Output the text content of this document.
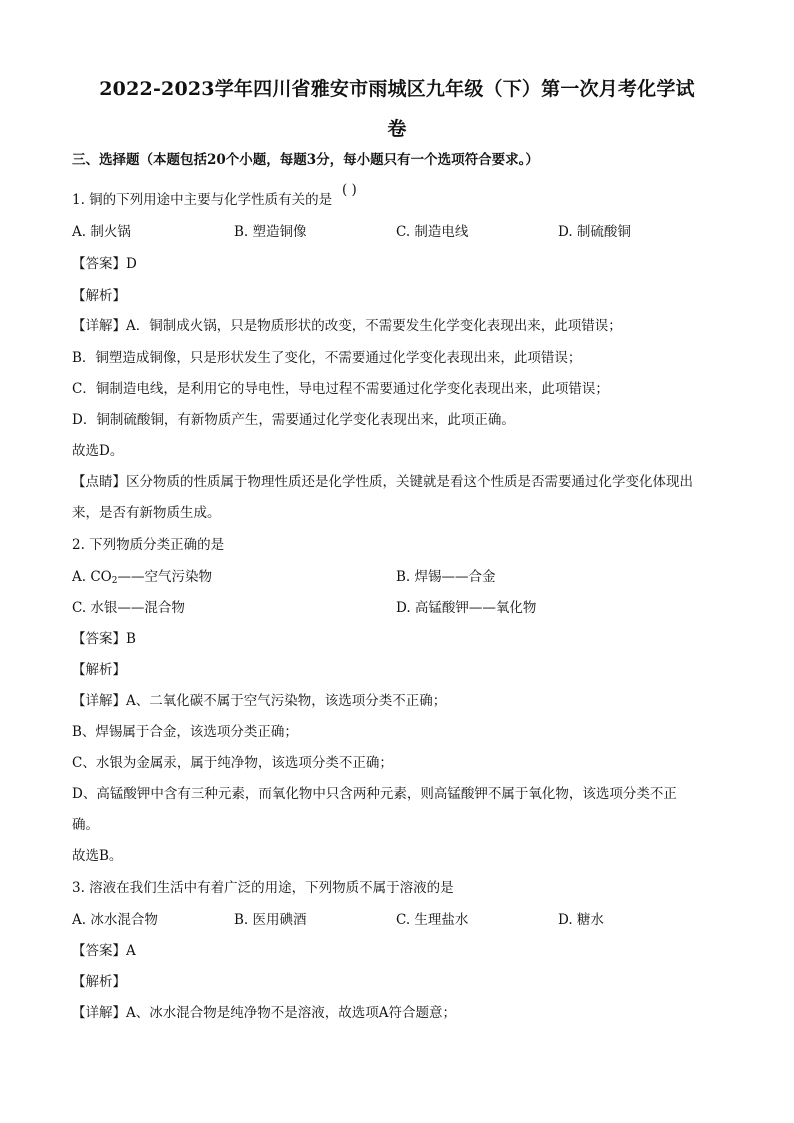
2022-2023学年四川省雅安市雨城区九年级（下）第一次月考化学试
卷
三、选择题（本题包括20个小题，每题3分，每小题只有一个选项符合要求。）
1. 铜的下列用途中主要与化学性质有关的是
( )
A. 制火锅	B. 塑造铜像	C. 制造电线	D. 制硫酸铜
【答案】D
【解析】
【详解】A．铜制成火锅，只是物质形状的改变，不需要发生化学变化表现出来，此项错误；
B．铜塑造成铜像，只是形状发生了变化，不需要通过化学变化表现出来，此项错误；
C．铜制造电线，是利用它的导电性，导电过程不需要通过化学变化表现出来，此项错误；
D．铜制硫酸铜，有新物质产生，需要通过化学变化表现出来，此项正确。
故选D。
【点睛】区分物质的性质属于物理性质还是化学性质，关键就是看这个性质是否需要通过化学变化体现出
来，是否有新物质生成。
2. 下列物质分类正确的是
A. $CO_2——$空气污染物	B. 焊锡——合金
C. 水银——混合物	D. 高锰酸钾——氧化物
【答案】B
【解析】
【详解】A、二氧化碳不属于空气污染物，该选项分类不正确；
B、焊锡属于合金，该选项分类正确；
C、水银为金属汞，属于纯净物，该选项分类不正确；
D、高锰酸钾中含有三种元素，而氧化物中只含两种元素，则高锰酸钾不属于氧化物，该选项分类不正
确。
故选B。
3. 溶液在我们生活中有着广泛的用途，下列物质不属于溶液的是
A. 冰水混合物	B. 医用碘酒	C. 生理盐水	D. 糖水
【答案】A
【解析】
【详解】A、冰水混合物是纯净物不是溶液，故选项A符合题意；
